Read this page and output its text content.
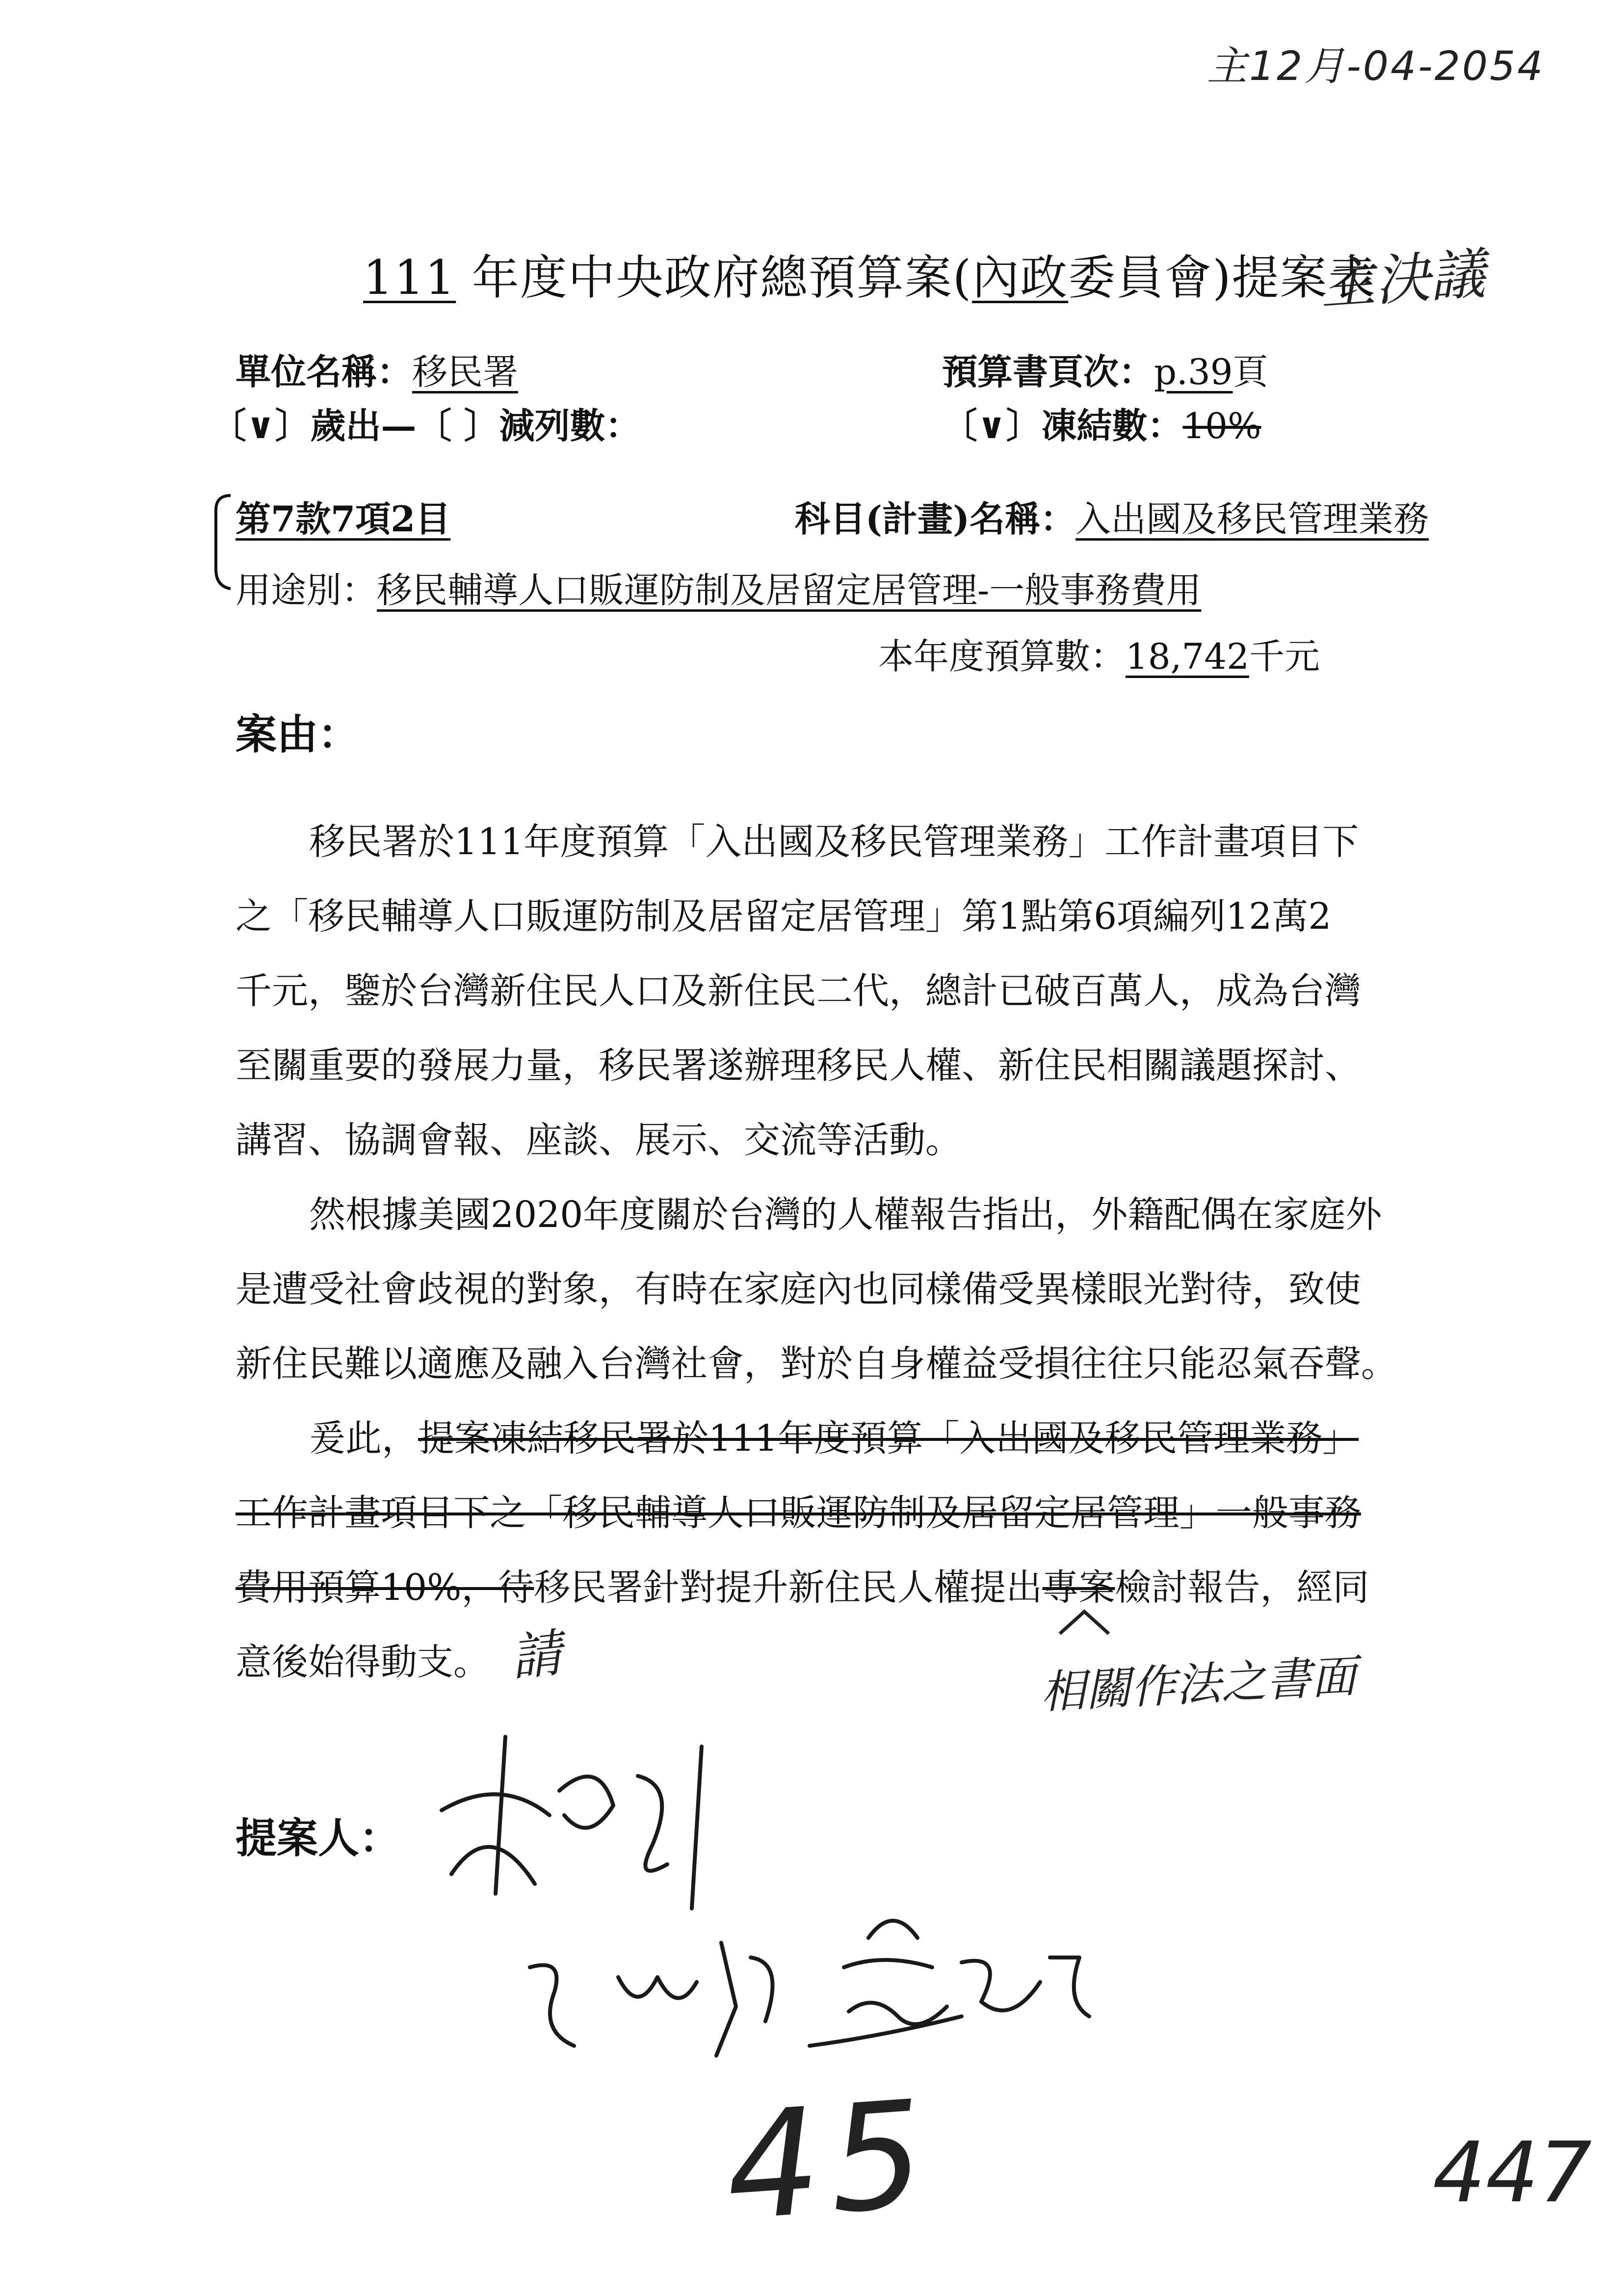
主12月-04-2054
111 年度中央政府總預算案(內政委員會)提案表
主決議
單位名稱：移民署	預算書頁次：p.39頁
〔∨〕歲出—〔 〕減列數：	〔∨〕凍結數：10%
第7款7項2目	科目(計畫)名稱：入出國及移民管理業務
用途別：移民輔導人口販運防制及居留定居管理-一般事務費用
本年度預算數：18,742千元
案由：
移民署於111年度預算「入出國及移民管理業務」工作計畫項目下
之「移民輔導人口販運防制及居留定居管理」第1點第6項編列12萬2
千元，鑒於台灣新住民人口及新住民二代，總計已破百萬人，成為台灣
至關重要的發展力量，移民署遂辦理移民人權、新住民相關議題探討、
講習、協調會報、座談、展示、交流等活動。
然根據美國2020年度關於台灣的人權報告指出，外籍配偶在家庭外
是遭受社會歧視的對象，有時在家庭內也同樣備受異樣眼光對待，致使
新住民難以適應及融入台灣社會，對於自身權益受損往往只能忍氣吞聲。
爰此，提案凍結移民署於111年度預算「入出國及移民管理業務」
工作計畫項目下之「移民輔導人口販運防制及居留定居管理」一般事務
費用預算10%，待移民署針對提升新住民人權提出專案檢討報告，經同
意後始得動支。 請	相關作法之書面
提案人：
45	447
